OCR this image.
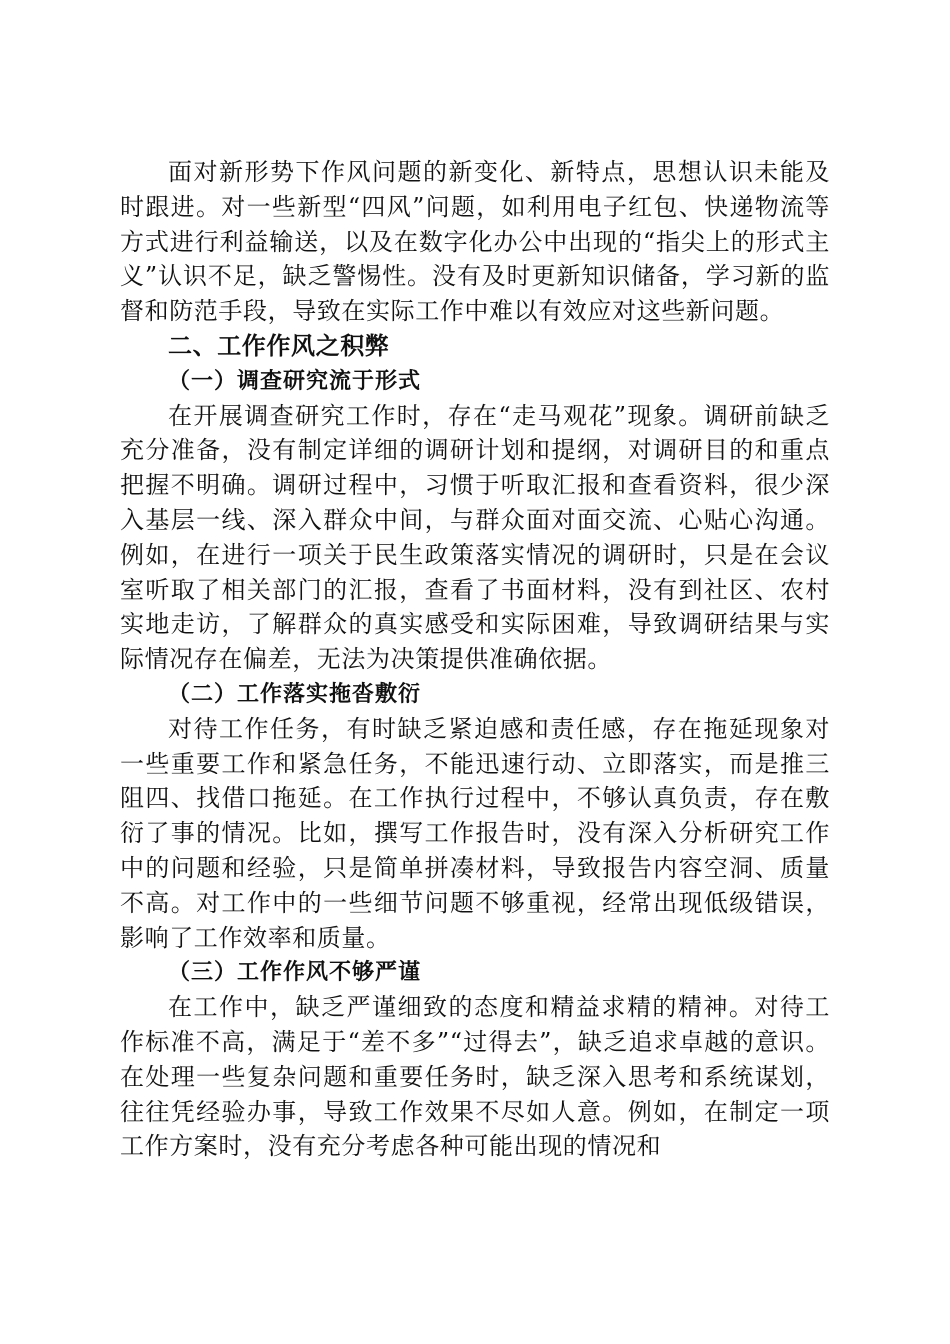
面对新形势下作风问题的新变化、新特点，思想认识未能及时跟进。对一些新型“四风”问题，如利用电子红包、快递物流等方式进行利益输送，以及在数字化办公中出现的“指尖上的形式主义”认识不足，缺乏警惕性。没有及时更新知识储备，学习新的监督和防范手段，导致在实际工作中难以有效应对这些新问题。

二、工作作风之积弊

（一）调查研究流于形式

在开展调查研究工作时，存在“走马观花”现象。调研前缺乏充分准备，没有制定详细的调研计划和提纲，对调研目的和重点把握不明确。调研过程中，习惯于听取汇报和查看资料，很少深入基层一线、深入群众中间，与群众面对面交流、心贴心沟通。例如，在进行一项关于民生政策落实情况的调研时，只是在会议室听取了相关部门的汇报，查看了书面材料，没有到社区、农村实地走访，了解群众的真实感受和实际困难，导致调研结果与实际情况存在偏差，无法为决策提供准确依据。

（二）工作落实拖沓敷衍

对待工作任务，有时缺乏紧迫感和责任感，存在拖延现象对一些重要工作和紧急任务，不能迅速行动、立即落实，而是推三阻四、找借口拖延。在工作执行过程中，不够认真负责，存在敷衍了事的情况。比如，撰写工作报告时，没有深入分析研究工作中的问题和经验，只是简单拼凑材料，导致报告内容空洞、质量不高。对工作中的一些细节问题不够重视，经常出现低级错误，影响了工作效率和质量。

（三）工作作风不够严谨

在工作中，缺乏严谨细致的态度和精益求精的精神。对待工作标准不高，满足于“差不多”“过得去”，缺乏追求卓越的意识。在处理一些复杂问题和重要任务时，缺乏深入思考和系统谋划，往往凭经验办事，导致工作效果不尽如人意。例如，在制定一项工作方案时，没有充分考虑各种可能出现的情况和
